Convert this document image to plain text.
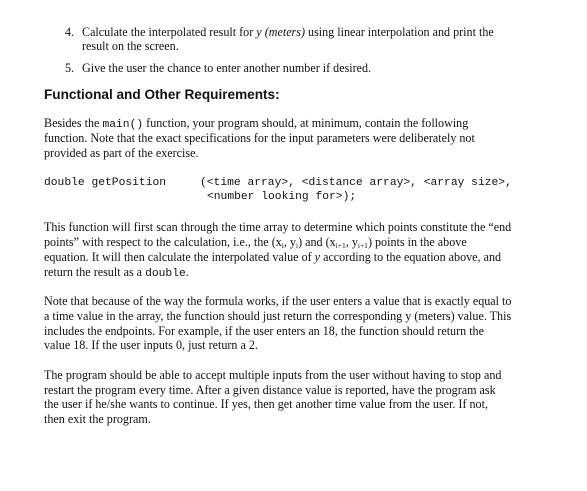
4. Calculate the interpolated result for y (meters) using linear interpolation and print the
result on the screen.
5. Give the user the chance to enter another number if desired.
Functional and Other Requirements:
Besides the main() function, your program should, at minimum, contain the following
function. Note that the exact specifications for the input parameters were deliberately not
provided as part of the exercise.
double getPosition	(<time array>, <distance array>, <array size>,
<number looking for>);
This function will first scan through the time array to determine which points constitute the “end
points” with respect to the calculation, i.e., the ($x_i$, $y_i$) and ($x_{i+1}$, $y_{i+1}$) points in the above
equation. It will then calculate the interpolated value of y according to the equation above, and
return the result as a double.
Note that because of the way the formula works, if the user enters a value that is exactly equal to
a time value in the array, the function should just return the corresponding y (meters) value. This
includes the endpoints. For example, if the user enters an 18, the function should return the
value 18. If the user inputs 0, just return a 2.
The program should be able to accept multiple inputs from the user without having to stop and
restart the program every time. After a given distance value is reported, have the program ask
the user if he/she wants to continue. If yes, then get another time value from the user. If not,
then exit the program.
